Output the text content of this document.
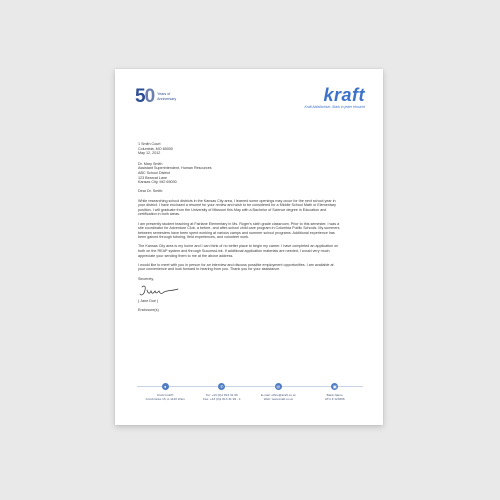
50 Years of
Anniversary	kraft
Kraft Abfallbrösel, Stark in jeder Hinsicht
1 Smith Court
Columbia, MO 65000
May 12, 2012
Dr. Mary Smith
Assistant Superintendent, Human Resources
ABC School District
123 Bearcat Lane
Kansas City, MO 65000
Dear Dr. Smith:
While researching school districts in the Kansas City area, I learned some openings may occur for the next school year in
your district. I have enclosed a résumé for your review and wish to be considered for a Middle School Math or Elementary
position. I will graduate from the University of Missouri this May with a Bachelor of Science degree in Education and
certification in both areas.
I am presently student teaching at Fairlane Elementary in Ms. Roger's sixth grade classroom. Prior to this semester, I was a
site coordinator for Adventure Club, a before- and after-school child care program in Columbia Public Schools. My summers
between semesters have been spent working at various camps and summer school programs. Additional experience has
been gained through tutoring, field experiences, and volunteer work.
The Kansas City area is my home and I can think of no better place to begin my career. I have completed an application on
both on the REAP system and through SuccessLink. If additional application materials are needed, I would very much
appreciate your sending them to me at the above address.
I would like to meet with you in person for an interview and discuss possible employment opportunities. I am available at
your convenience and look forward to hearing from you. Thank you for your assistance.
Sincerely,
( Jane Doe )
Enclosure(s)
●
Kraft GmbH
Arcobrücke 15, A-1130 Wien
✆
Tel: +43 (0)1 813 31 99
Fax: +43 (0)1 813 31 99 - 4
@
E-mail: office@kraft.co.at
Web: www.kraft.co.at
▣
Bank Name
ATU # 123456
